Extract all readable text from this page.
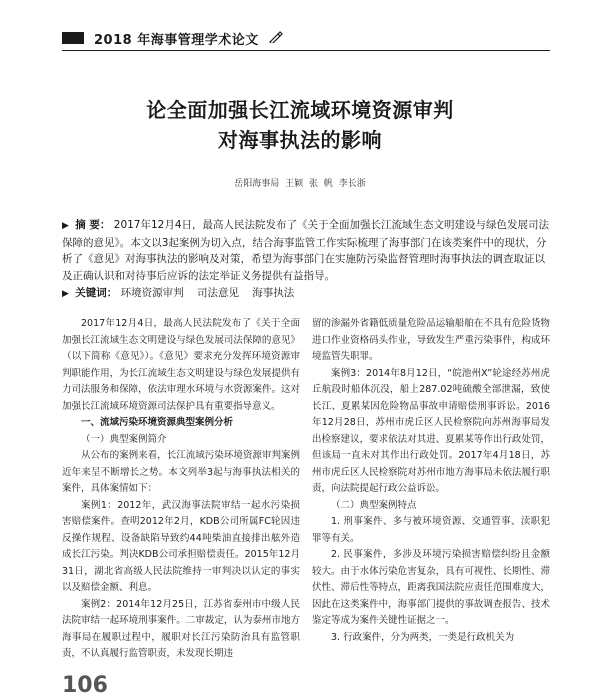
2018 年海事管理学术论文
论全面加强长江流域环境资源审判
对海事执法的影响
岳阳海事局 王颖 张 帆 李长浙
▶ 摘 要： 2017年12月4日，最高人民法院发布了《关于全面加强长江流域生态文明建设与绿色发展司法保障的意见》。本文以3起案例为切入点，结合海事监管工作实际梳理了海事部门在该类案件中的现状，分析了《意见》对海事执法的影响及对策，希望为海事部门在实施防污染监督管理时海事执法的调查取证以及正确认识和对待事后应诉的法定举证义务提供有益指导。
▶ 关键词： 环境资源审判 司法意见 海事执法

2017年12月4日，最高人民法院发布了《关于全面加强长江流域生态文明建设与绿色发展司法保障的意见》（以下简称《意见》）。《意见》要求充分发挥环境资源审判职能作用，为长江流域生态文明建设与绿色发展提供有力司法服务和保障，依法审理水环境与水资源案件。这对加强长江流域环境资源司法保护具有重要指导意义。

一、流域污染环境资源典型案例分析

（一）典型案例简介

从公布的案例来看，长江流域污染环境资源审判案例近年来呈不断增长之势。本文列举3起与海事执法相关的案件，具体案情如下：

案例1：2012年，武汉海事法院审结一起水污染损害赔偿案件。查明2012年2月，KDB公司所属FC轮因违反操作规程、设备缺陷导致约44吨柴油直接排出舷外造成长江污染。判决KDB公司承担赔偿责任。2015年12月31日，湖北省高级人民法院维持一审判决以认定的事实以及赔偿金额、利息。

案例2：2014年12月25日，江苏省泰州市中级人民法院审结一起环境刑事案件。二审裁定，认为泰州市地方海事局在履职过程中，履职对长江污染防治具有监管职责，不认真履行监管职责，未发现长期违

留的渗漏外省籍低质量危险品运输船舶在不具有危险货物进口作业资格码头作业，导致发生严重污染事件，构成环境监管失职罪。

案例3：2014年8月12日，“皖池州X”轮途经苏州虎丘航段时船体沉没，船上287.02吨硫酸全部泄漏，致使长江、夏累某因危险物品事故申请赔偿刑事诉讼。2016年12月28日，苏州市虎丘区人民检察院向苏州海事局发出检察建议，要求依法对其进、夏累某等作出行政处罚，但该局一直未对其作出行政处罚。2017年4月18日，苏州市虎丘区人民检察院对苏州市地方海事局未依法履行职责，向法院提起行政公益诉讼。

（二）典型案例特点

1. 刑事案件、多与被环境资源、交通管事、渎职犯罪等有关。

2. 民事案件，多涉及环境污染损害赔偿纠纷且金额较大。由于水体污染危害复杂，具有可视性、长期性、滞伏性、滞后性等特点，距离我国法院应责任范围难度大，因此在这类案件中，海事部门提供的事故调查报告、技术鉴定等成为案件关键性证据之一。

3. 行政案件，分为两类，一类是行政机关为

106
